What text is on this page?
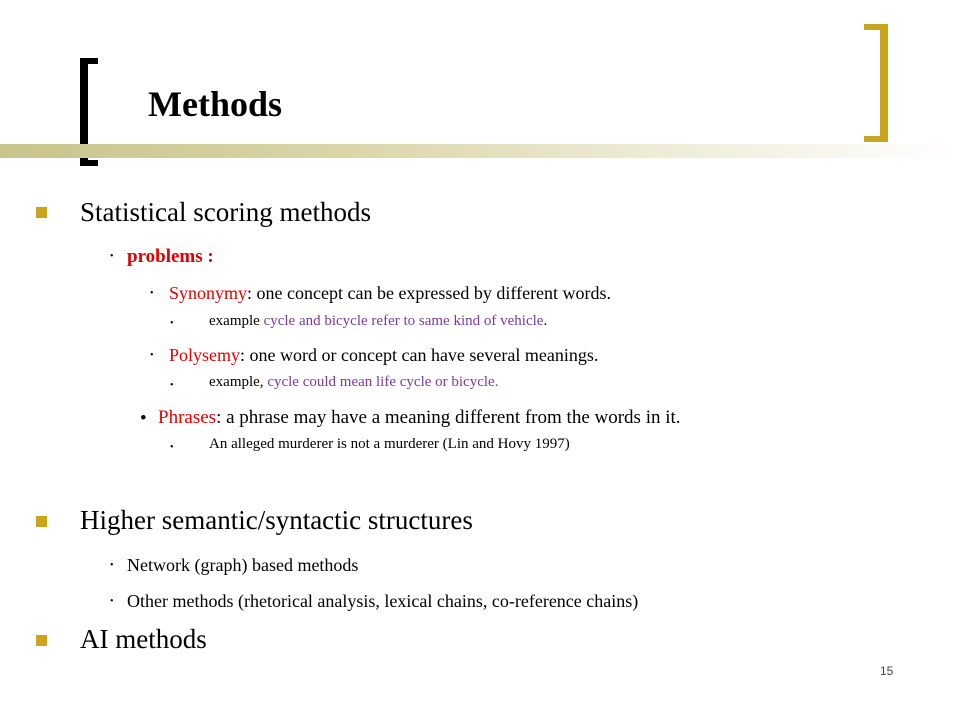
Methods
Statistical scoring methods
• problems :
• Synonymy: one concept can be expressed by different words.
• example cycle and bicycle refer to same kind of vehicle.
• Polysemy: one word or concept can have several meanings.
• example, cycle could mean life cycle or bicycle.
• Phrases: a phrase may have a meaning different from the words in it.
• An alleged murderer is not a murderer (Lin and Hovy 1997)
Higher semantic/syntactic structures
• Network (graph) based methods
• Other methods (rhetorical analysis, lexical chains, co-reference chains)
AI methods
15
